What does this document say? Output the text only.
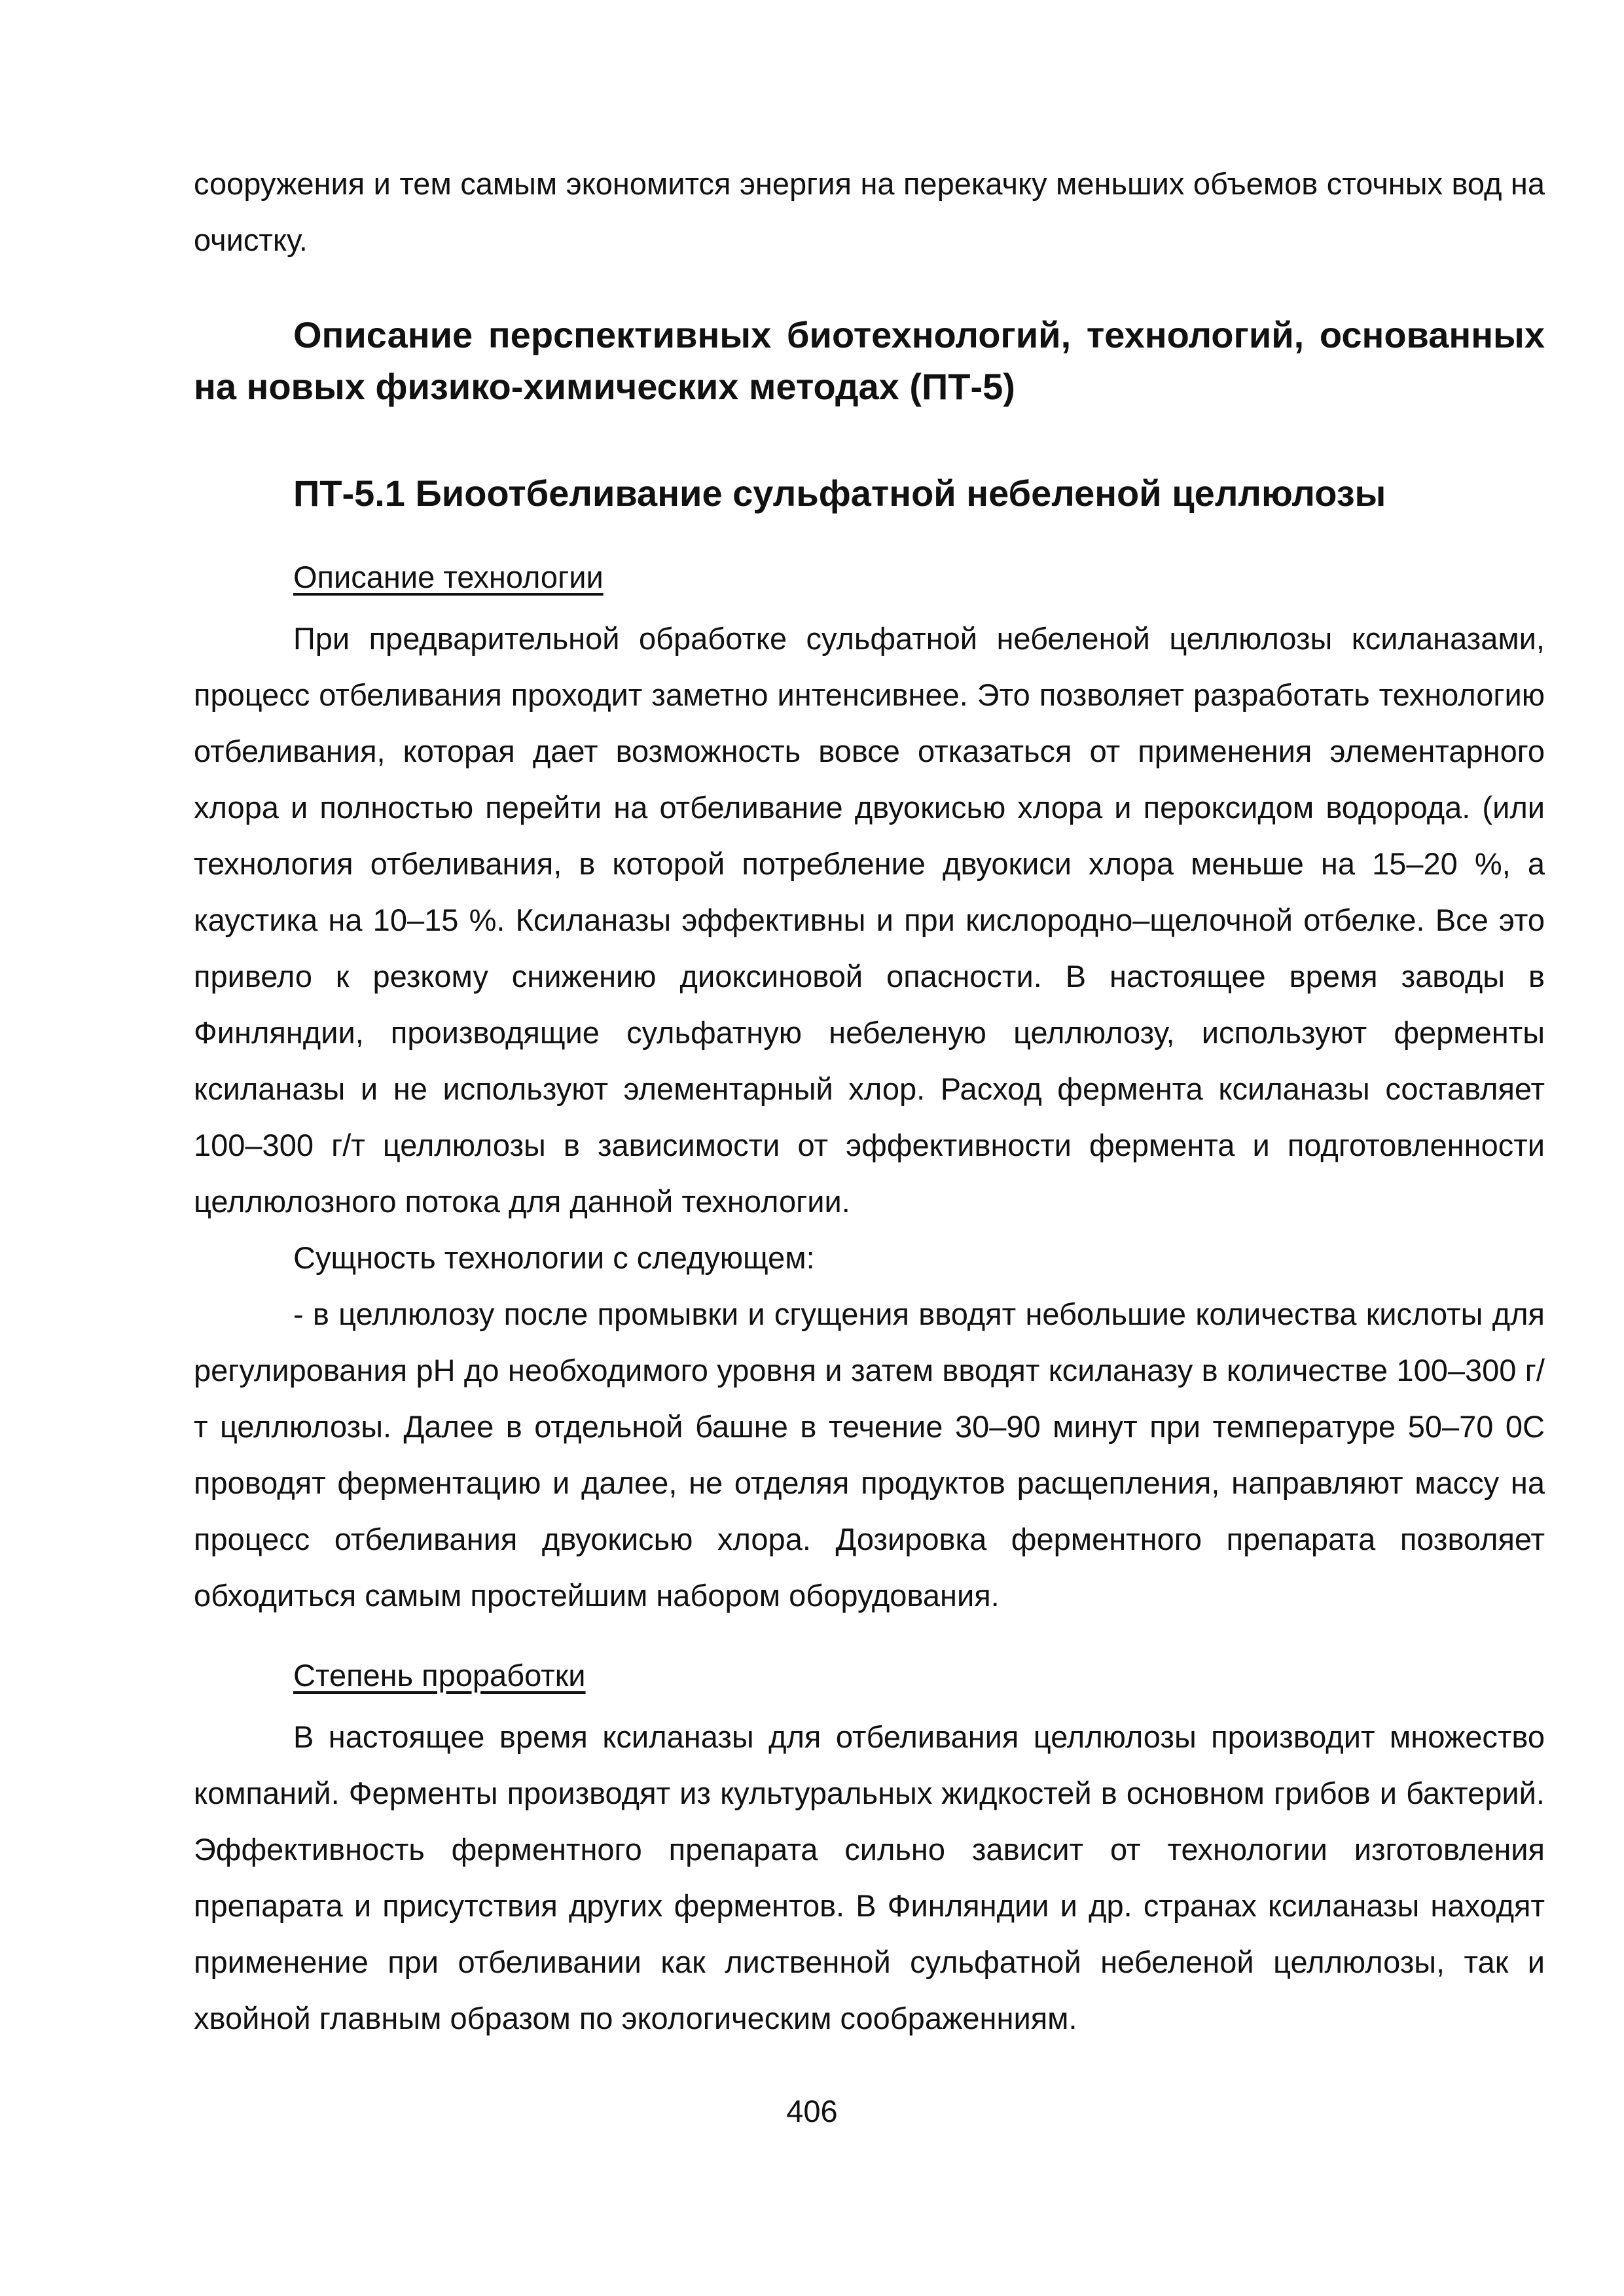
сооружения и тем самым экономится энергия на перекачку меньших объемов сточных вод на очистку.

Описание перспективных биотехнологий, технологий, основанных на новых физико-химических методах (ПТ-5)
ПТ-5.1 Биоотбеливание сульфатной небеленой целлюлозы

Описание технологии

При предварительной обработке сульфатной небеленой целлюлозы ксиланазами, процесс отбеливания проходит заметно интенсивнее. Это позволяет разработать технологию отбеливания, которая дает возможность вовсе отказаться от применения элементарного хлора и полностью перейти на отбеливание двуокисью хлора и пероксидом водорода. (или технология отбеливания, в которой потребление двуокиси хлора меньше на 15–20 %, а каустика на 10–15 %. Ксиланазы эффективны и при кислородно–щелочной отбелке. Все это привело к резкому снижению диоксиновой опасности. В настоящее время заводы в Финляндии, производящие сульфатную небеленую целлюлозу, используют ферменты ксиланазы и не используют элементарный хлор. Расход фермента ксиланазы составляет 100–300 г/т целлюлозы в зависимости от эффективности фермента и подготовленности целлюлозного потока для данной технологии.

Сущность технологии с следующем:

- в целлюлозу после промывки и сгущения вводят небольшие количества кислоты для регулирования рН до необходимого уровня и затем вводят ксиланазу в количестве 100–300 г/т целлюлозы. Далее в отдельной башне в течение 30–90 минут при температуре 50–70 0С проводят ферментацию и далее, не отделяя продуктов расщепления, направляют массу на процесс отбеливания двуокисью хлора. Дозировка ферментного препарата позволяет обходиться самым простейшим набором оборудования.

Степень проработки

В настоящее время ксиланазы для отбеливания целлюлозы производит множество компаний. Ферменты производят из культуральных жидкостей в основном грибов и бактерий. Эффективность ферментного препарата сильно зависит от технологии изготовления препарата и присутствия других ферментов. В Финляндии и др. странах ксиланазы находят применение при отбеливании как лиственной сульфатной небеленой целлюлозы, так и хвойной главным образом по экологическим соображенниям.

406
